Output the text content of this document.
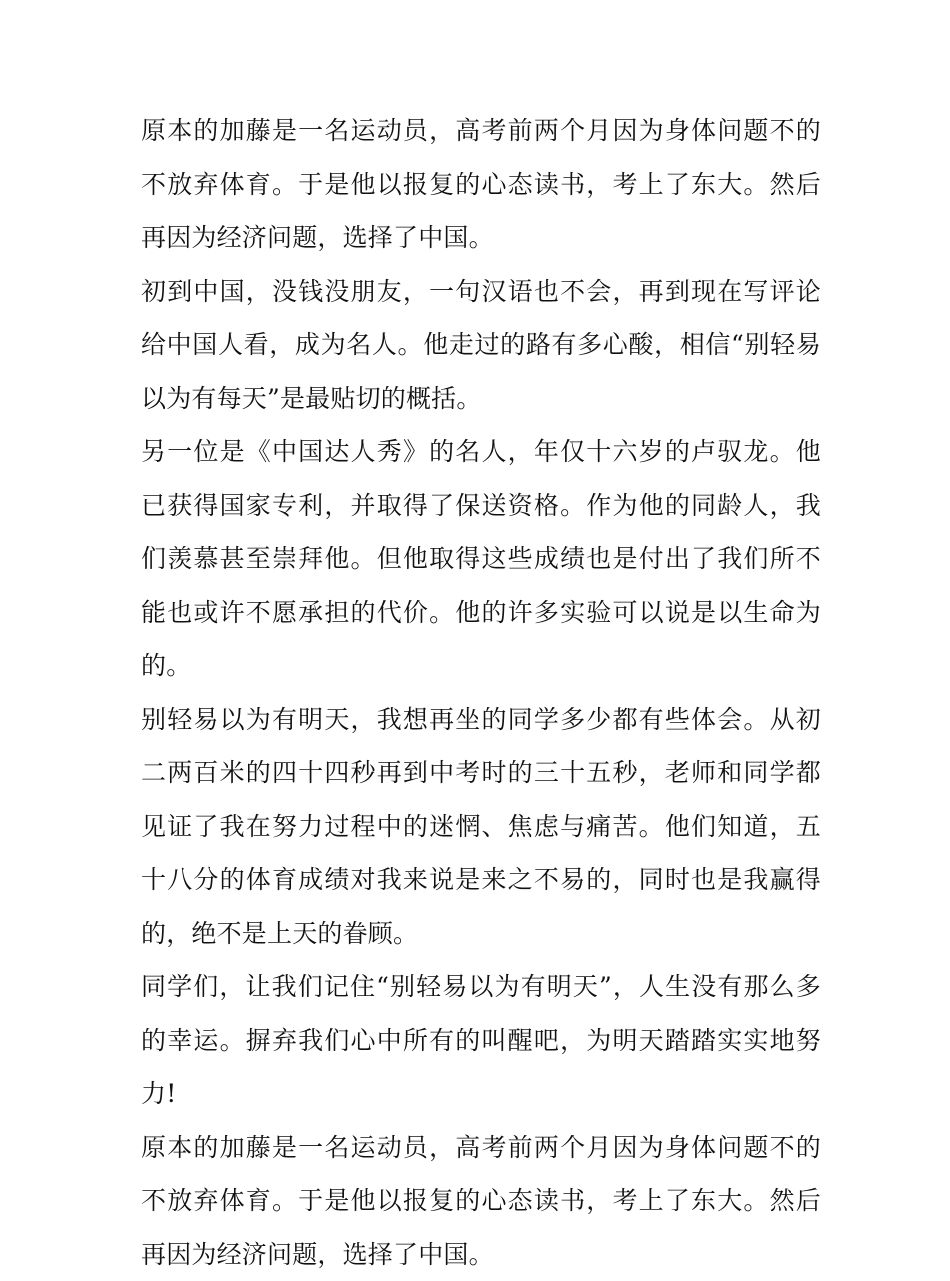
原本的加藤是一名运动员，高考前两个月因为身体问题不的不放弃体育。于是他以报复的心态读书，考上了东大。然后再因为经济问题，选择了中国。

初到中国，没钱没朋友，一句汉语也不会，再到现在写评论给中国人看，成为名人。他走过的路有多心酸，相信“别轻易以为有每天”是最贴切的概括。

另一位是《中国达人秀》的名人，年仅十六岁的卢驭龙。他已获得国家专利，并取得了保送资格。作为他的同龄人，我们羡慕甚至崇拜他。但他取得这些成绩也是付出了我们所不能也或许不愿承担的代价。他的许多实验可以说是以生命为的。

别轻易以为有明天，我想再坐的同学多少都有些体会。从初二两百米的四十四秒再到中考时的三十五秒，老师和同学都见证了我在努力过程中的迷惘、焦虑与痛苦。他们知道，五十八分的体育成绩对我来说是来之不易的，同时也是我赢得的，绝不是上天的眷顾。

同学们，让我们记住“别轻易以为有明天”，人生没有那么多的幸运。摒弃我们心中所有的叫醒吧，为明天踏踏实实地努力!

原本的加藤是一名运动员，高考前两个月因为身体问题不的不放弃体育。于是他以报复的心态读书，考上了东大。然后再因为经济问题，选择了中国。
